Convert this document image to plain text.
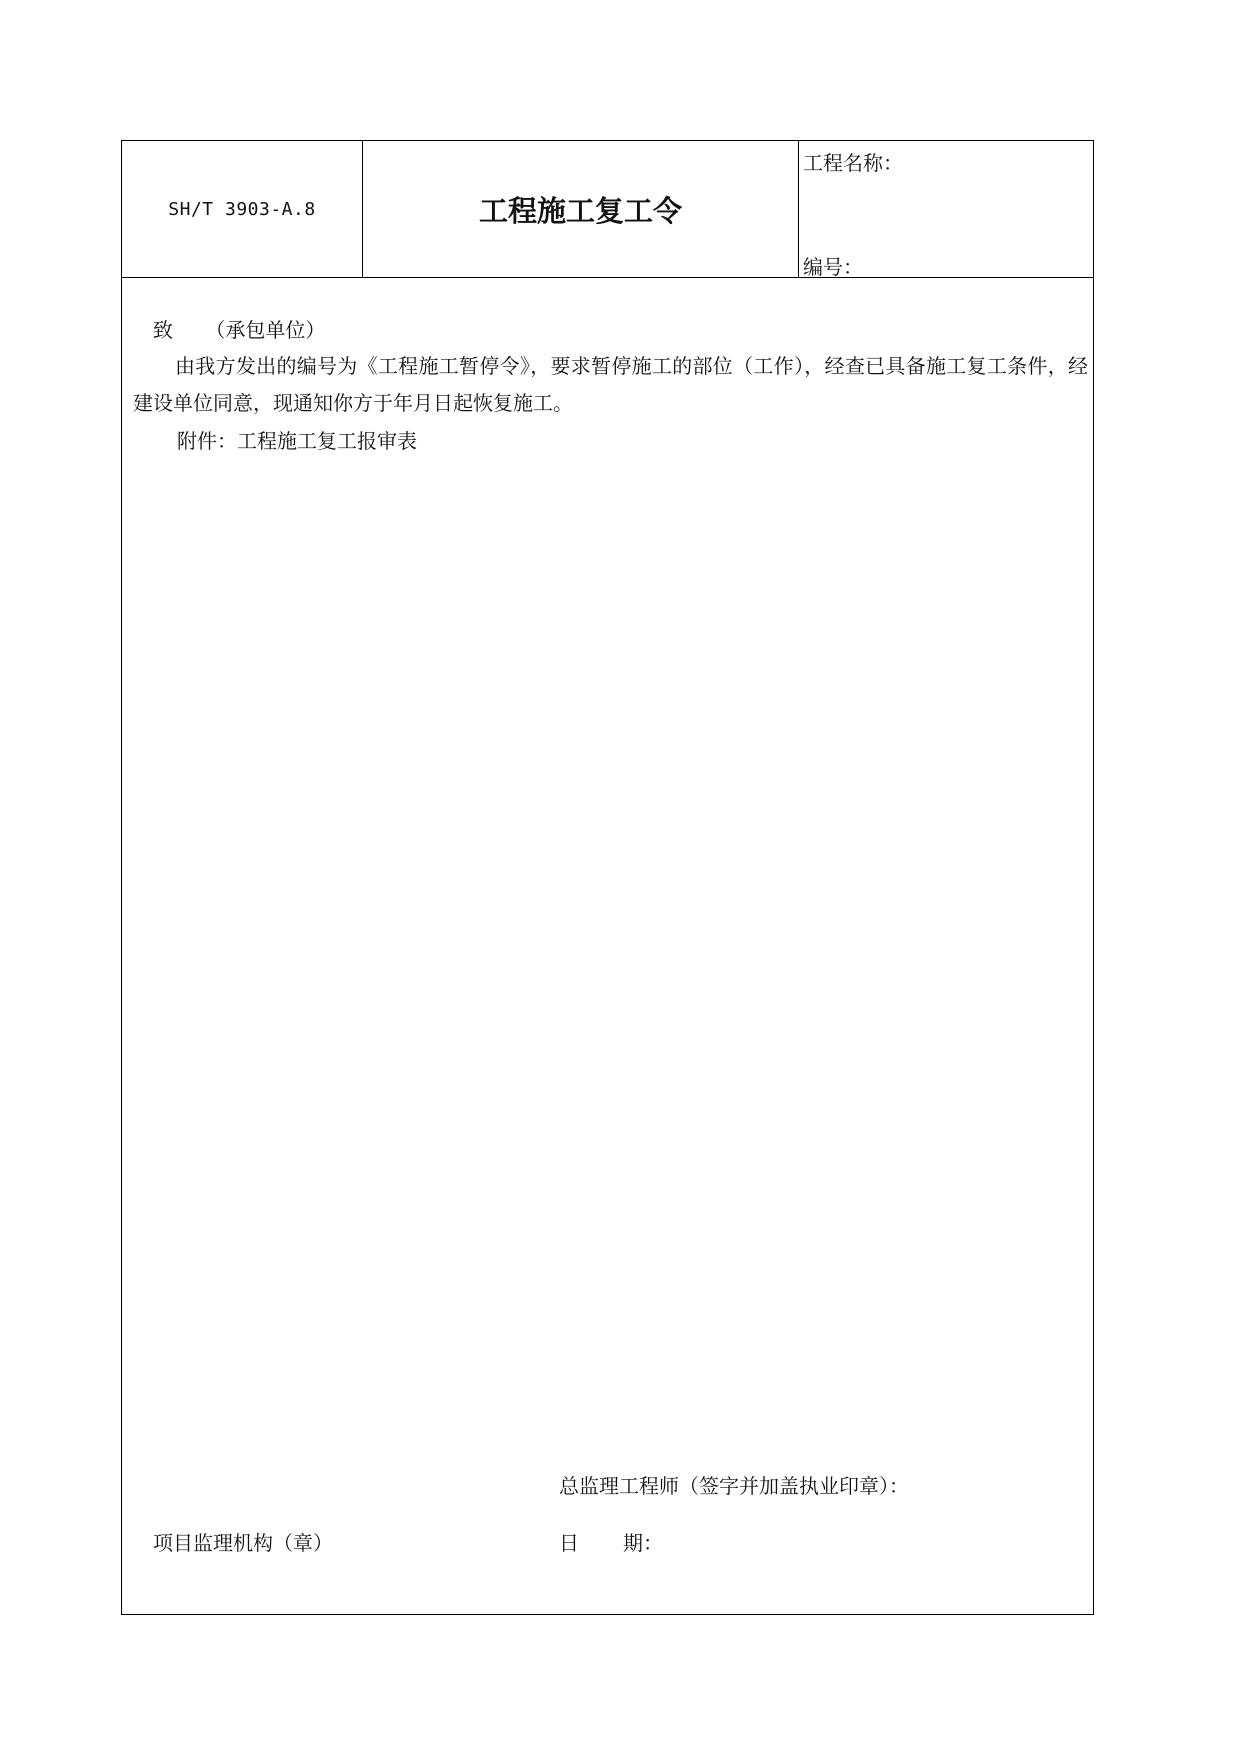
SH/T 3903-A.8	工程施工复工令
工程名称：
编号：
致 （承包单位）
由我方发出的编号为《工程施工暂停令》，要求暂停施工的部位（工作），经查已具备施工复工条件，经建设单位同意，现通知你方于年月日起恢复施工。
附件：工程施工复工报审表
总监理工程师（签字并加盖执业印章）：
项目监理机构（章）	日 期：
